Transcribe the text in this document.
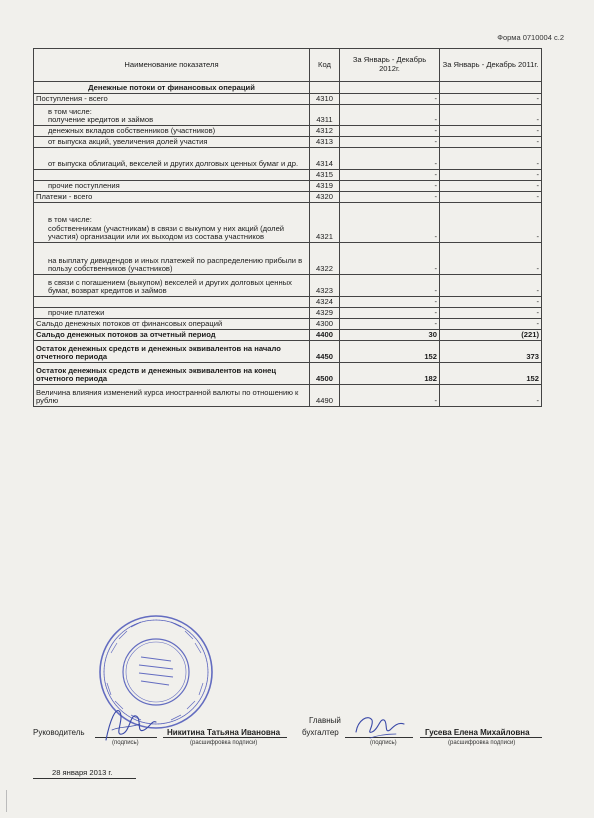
Форма 0710004 с.2
Наименование показателя	Код	За Январь - Декабрь 2012г.	За Январь - Декабрь 2011г.
Денежные потоки от финансовых операций			
Поступления - всего	4310	-	-
в том числе:
получение кредитов и займов	4311	-	-
денежных вкладов собственников (участников)	4312	-	-
от выпуска акций, увеличения долей участия	4313	-	-
от выпуска облигаций, векселей и других долговых ценных бумаг и др.	4314	-	-
	4315	-	-
прочие поступления	4319	-	-
Платежи - всего	4320	-	-
в том числе:
собственникам (участникам) в связи с выкупом у них акций (долей участия) организации или их выходом из состава участников	4321	-	-
на выплату дивидендов и иных платежей по распределению прибыли в пользу собственников (участников)	4322	-	-
в связи с погашением (выкупом) векселей и других долговых ценных бумаг, возврат кредитов и займов	4323	-	-
	4324	-	-
прочие платежи	4329	-	-
Сальдо денежных потоков от финансовых операций	4300	-	-
Сальдо денежных потоков за отчетный период	4400	30	(221)
Остаток денежных средств и денежных эквивалентов на начало отчетного периода	4450	152	373
Остаток денежных средств и денежных эквивалентов на конец отчетного периода	4500	182	152
Величина влияния изменений курса иностранной валюты по отношению к рублю	4490	-	-
Руководитель
(подпись)
Никитина Татьяна Ивановна
(расшифровка подписи)
Главный
бухгалтер
(подпись)
Гусева Елена Михайловна
(расшифровка подписи)
28 января 2013 г.
